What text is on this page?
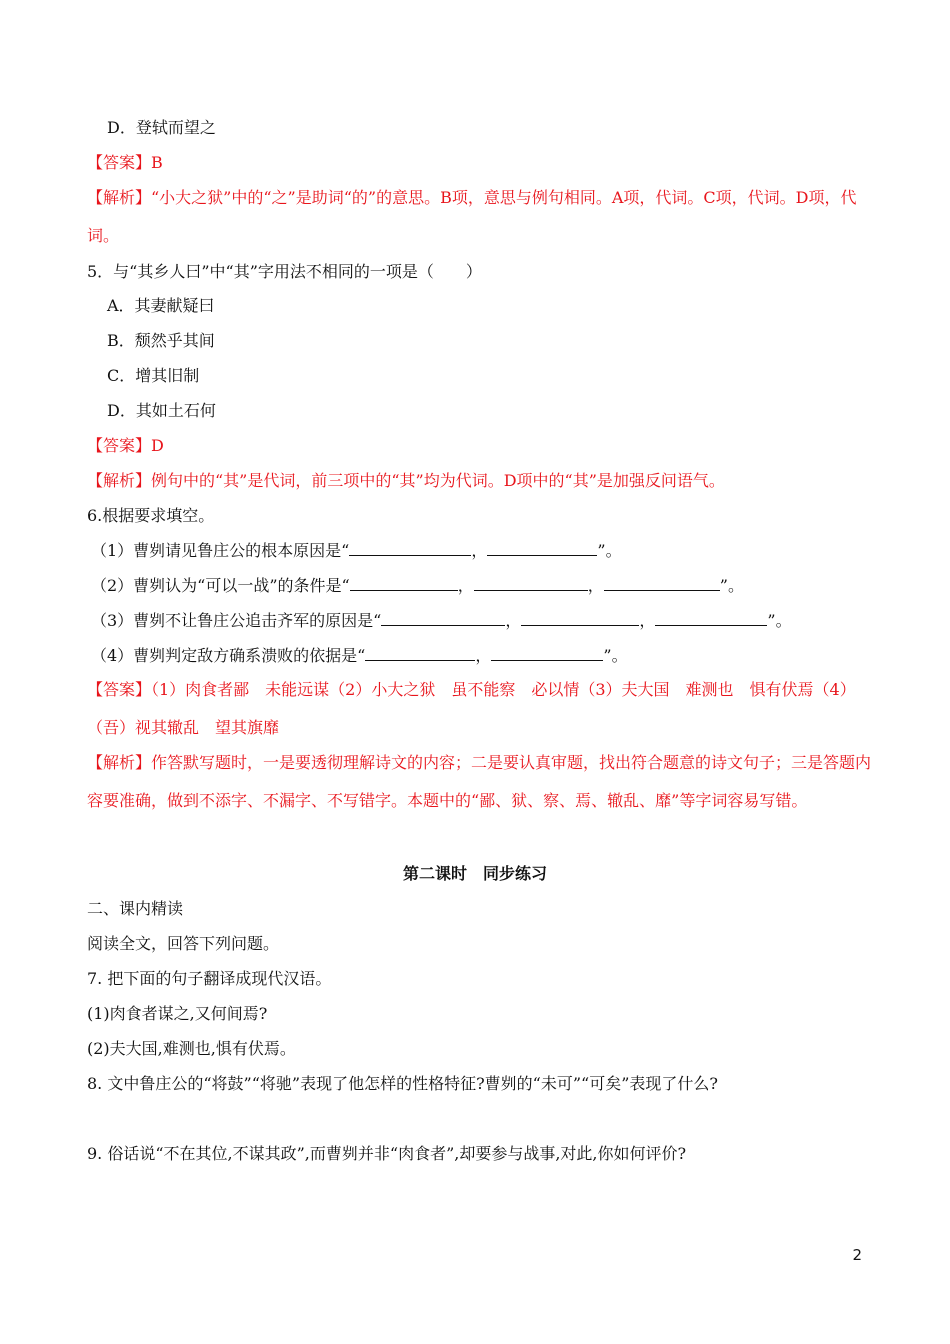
D．登轼而望之
【答案】B
【解析】“小大之狱”中的“之”是助词“的”的意思。B项，意思与例句相同。A项，代词。C项，代词。D项，代词。
5．与“其乡人曰”中“其”字用法不相同的一项是（　　）
A．其妻献疑曰
B．颓然乎其间
C．增其旧制
D．其如土石何
【答案】D
【解析】例句中的“其”是代词，前三项中的“其”均为代词。D项中的“其”是加强反问语气。
6.根据要求填空。
（1）曹刿请见鲁庄公的根本原因是“	，	”。
（2）曹刿认为“可以一战”的条件是“	，	，	”。
（3）曹刿不让鲁庄公追击齐军的原因是“	，	，	”。
（4）曹刿判定敌方确系溃败的依据是“	，	”。
【答案】（1）肉食者鄙　未能远谋（2）小大之狱　虽不能察　必以情（3）夫大国　难测也　惧有伏焉（4）（吾）视其辙乱　望其旗靡
【解析】作答默写题时，一是要透彻理解诗文的内容；二是要认真审题，找出符合题意的诗文句子；三是答题内容要准确，做到不添字、不漏字、不写错字。本题中的“鄙、狱、察、焉、辙乱、靡”等字词容易写错。
第二课时　同步练习
二、课内精读
阅读全文，回答下列问题。
7. 把下面的句子翻译成现代汉语。
(1)肉食者谋之,又何间焉?
(2)夫大国,难测也,惧有伏焉。
8. 文中鲁庄公的“将鼓”“将驰”表现了他怎样的性格特征?曹刿的“未可”“可矣”表现了什么?
9. 俗话说“不在其位,不谋其政”,而曹刿并非“肉食者”,却要参与战事,对此,你如何评价?
2
